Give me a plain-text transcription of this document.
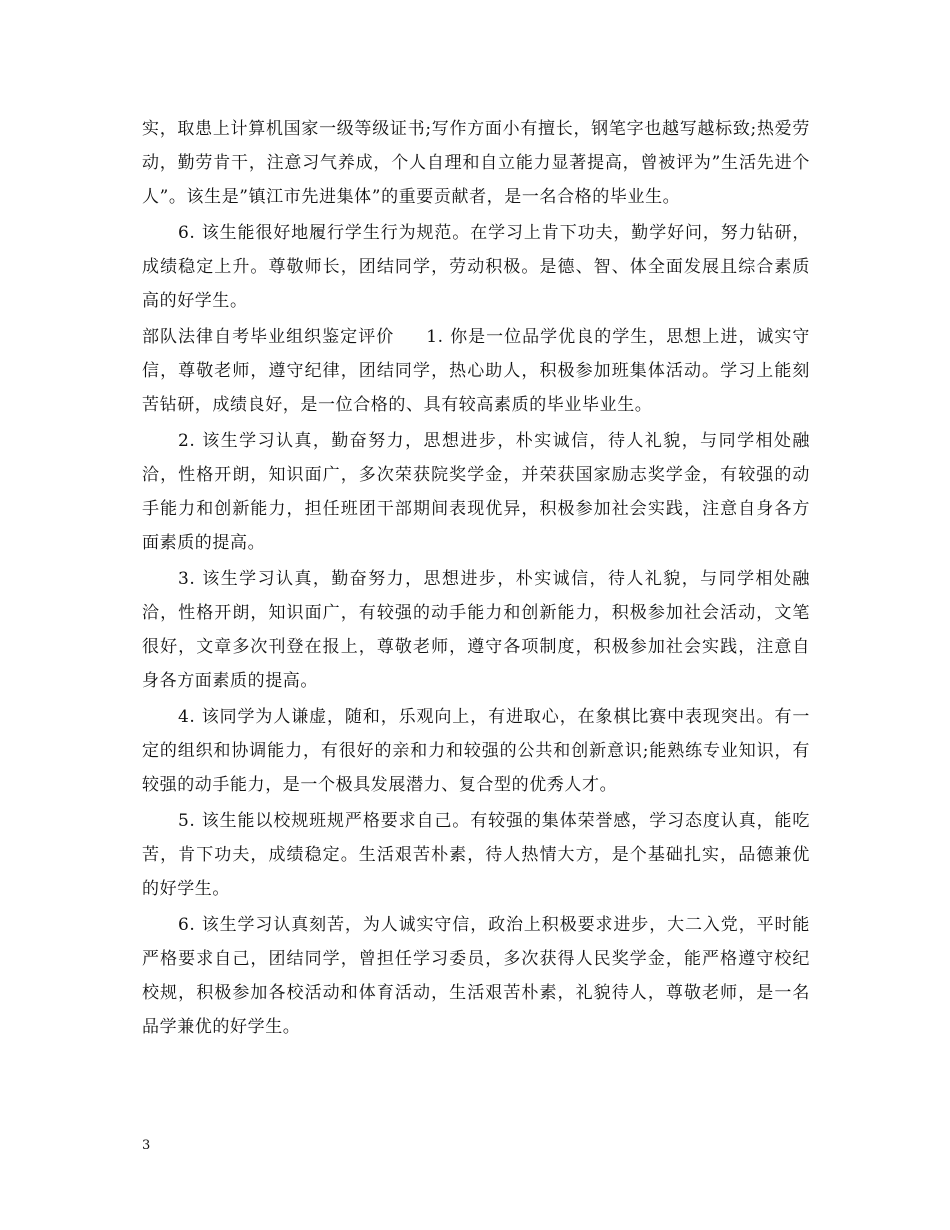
实，取患上计算机国家一级等级证书;写作方面小有擅长，钢笔字也越写越标致;热爱劳动，勤劳肯干，注意习气养成，个人自理和自立能力显著提高，曾被评为”生活先进个人”。该生是”镇江市先进集体”的重要贡献者，是一名合格的毕业生。

6. 该生能很好地履行学生行为规范。在学习上肯下功夫，勤学好问，努力钻研，成绩稳定上升。尊敬师长，团结同学，劳动积极。是德、智、体全面发展且综合素质高的好学生。

部队法律自考毕业组织鉴定评价 1. 你是一位品学优良的学生，思想上进，诚实守信，尊敬老师，遵守纪律，团结同学，热心助人，积极参加班集体活动。学习上能刻苦钻研，成绩良好，是一位合格的、具有较高素质的毕业毕业生。

2. 该生学习认真，勤奋努力，思想进步，朴实诚信，待人礼貌，与同学相处融洽，性格开朗，知识面广，多次荣获院奖学金，并荣获国家励志奖学金，有较强的动手能力和创新能力，担任班团干部期间表现优异，积极参加社会实践，注意自身各方面素质的提高。

3. 该生学习认真，勤奋努力，思想进步，朴实诚信，待人礼貌，与同学相处融洽，性格开朗，知识面广，有较强的动手能力和创新能力，积极参加社会活动，文笔很好，文章多次刊登在报上，尊敬老师，遵守各项制度，积极参加社会实践，注意自身各方面素质的提高。

4. 该同学为人谦虚，随和，乐观向上，有进取心，在象棋比赛中表现突出。有一定的组织和协调能力，有很好的亲和力和较强的公共和创新意识;能熟练专业知识，有较强的动手能力，是一个极具发展潜力、复合型的优秀人才。

5. 该生能以校规班规严格要求自己。有较强的集体荣誉感，学习态度认真，能吃苦，肯下功夫，成绩稳定。生活艰苦朴素，待人热情大方，是个基础扎实，品德兼优的好学生。

6. 该生学习认真刻苦，为人诚实守信，政治上积极要求进步，大二入党，平时能严格要求自己，团结同学，曾担任学习委员，多次获得人民奖学金，能严格遵守校纪校规，积极参加各校活动和体育活动，生活艰苦朴素，礼貌待人，尊敬老师，是一名品学兼优的好学生。

3
